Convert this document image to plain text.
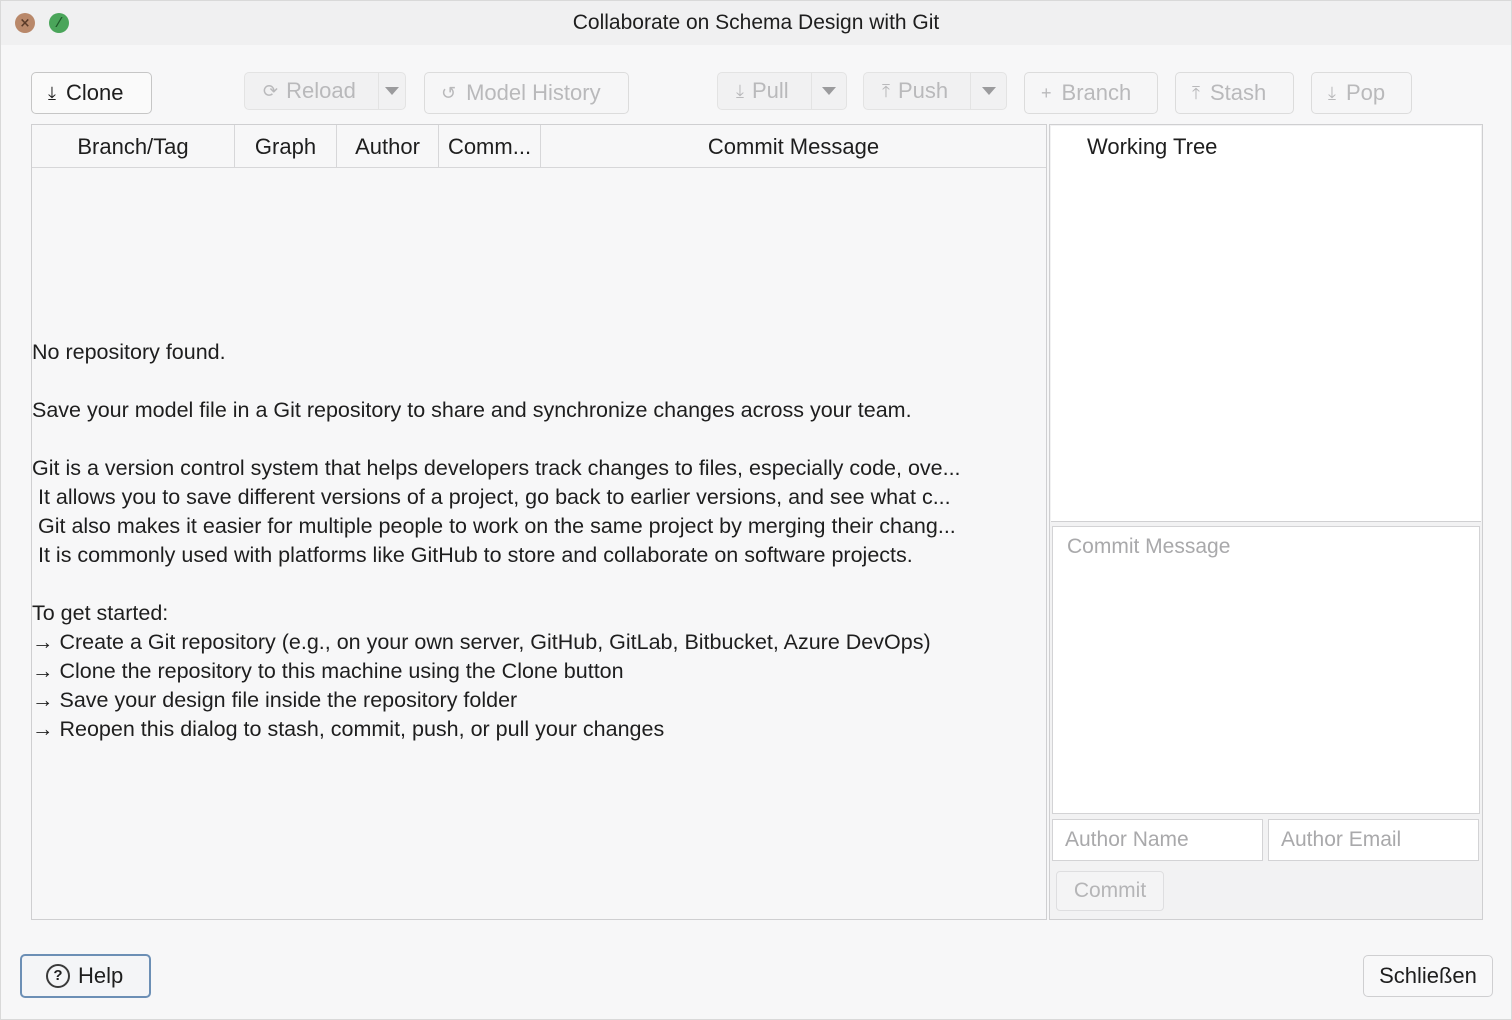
×	⁄	Collaborate on Schema Design with Git
⤓ Clone	⟳ Reload	↺ Model History	⤓ Pull	⤒ Push	+ Branch	⤒ Stash	⤓ Pop
Branch/Tag	Graph	Author	Comm...	Commit Message
No repository found.
Save your model file in a Git repository to share and synchronize changes across your team.
Git is a version control system that helps developers track changes to files, especially code, ove...
It allows you to save different versions of a project, go back to earlier versions, and see what c...
Git also makes it easier for multiple people to work on the same project by merging their chang...
It is commonly used with platforms like GitHub to store and collaborate on software projects.
To get started:
→ Create a Git repository (e.g., on your own server, GitHub, GitLab, Bitbucket, Azure DevOps)
→ Clone the repository to this machine using the Clone button
→ Save your design file inside the repository folder
→ Reopen this dialog to stash, commit, push, or pull your changes
Working Tree
Commit Message
Author Name	Author Email
Commit
? Help	Schließen
